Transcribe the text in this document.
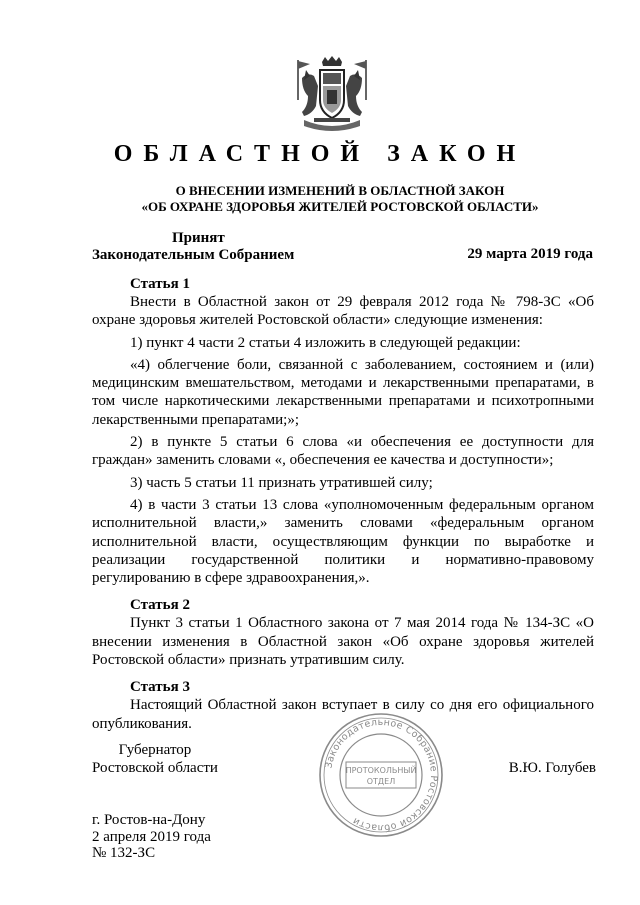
ОБЛАСТНОЙ ЗАКОН
О ВНЕСЕНИИ ИЗМЕНЕНИЙ В ОБЛАСТНОЙ ЗАКОН
«ОБ ОХРАНЕ ЗДОРОВЬЯ ЖИТЕЛЕЙ РОСТОВСКОЙ ОБЛАСТИ»
Принят
Законодательным Собранием	29 марта 2019 года
Статья 1

Внести в Областной закон от 29 февраля 2012 года № 798-ЗС «Об охране здоровья жителей Ростовской области» следующие изменения:

1) пункт 4 части 2 статьи 4 изложить в следующей редакции:

«4) облегчение боли, связанной с заболеванием, состоянием и (или) медицинским вмешательством, методами и лекарственными препаратами, в том числе наркотическими лекарственными препаратами и психотропными лекарственными препаратами;»;

2) в пункте 5 статьи 6 слова «и обеспечения ее доступности для граждан» заменить словами «, обеспечения ее качества и доступности»;

3) часть 5 статьи 11 признать утратившей силу;

4) в части 3 статьи 13 слова «уполномоченным федеральным органом исполнительной власти,» заменить словами «федеральным органом исполнительной власти, осуществляющим функции по выработке и реализации государственной политики и нормативно-правовому регулированию в сфере здравоохранения,».

Статья 2

Пункт 3 статьи 1 Областного закона от 7 мая 2014 года № 134-ЗС «О внесении изменения в Областной закон «Об охране здоровья жителей Ростовской области» признать утратившим силу.

Статья 3

Настоящий Областной закон вступает в силу со дня его официального опубликования.

Губернатор
Ростовской области	Законодательное Собрание Ростовской области
ПРОТОКОЛЬНЫЙ
ОТДЕЛ
В.Ю. Голубев
г. Ростов-на-Дону
2 апреля 2019 года
№ 132-ЗС
